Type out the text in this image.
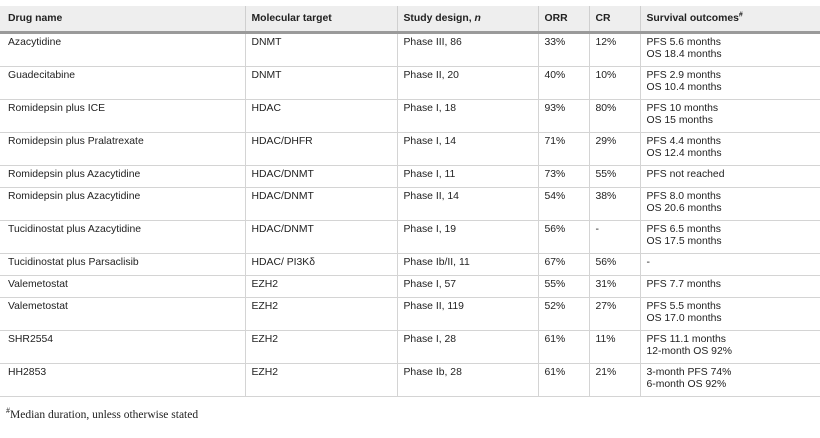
Drug name	Molecular target	Study design, n	ORR	CR	Survival outcomes#
Azacytidine	DNMT	Phase III, 86	33%	12%	PFS 5.6 months
OS 18.4 months

Guadecitabine	DNMT	Phase II, 20	40%	10%	PFS 2.9 months
OS 10.4 months

Romidepsin plus ICE	HDAC	Phase I, 18	93%	80%	PFS 10 months
OS 15 months

Romidepsin plus Pralatrexate	HDAC/DHFR	Phase I, 14	71%	29%	PFS 4.4 months
OS 12.4 months

Romidepsin plus Azacytidine	HDAC/DNMT	Phase I, 11	73%	55%	PFS not reached

Romidepsin plus Azacytidine	HDAC/DNMT	Phase II, 14	54%	38%	PFS 8.0 months
OS 20.6 months

Tucidinostat plus Azacytidine	HDAC/DNMT	Phase I, 19	56%	-	PFS 6.5 months
OS 17.5 months

Tucidinostat plus Parsaclisib	HDAC/ PI3Kδ	Phase Ib/II, 11	67%	56%	-

Valemetostat	EZH2	Phase I, 57	55%	31%	PFS 7.7 months

Valemetostat	EZH2	Phase II, 119	52%	27%	PFS 5.5 months
OS 17.0 months

SHR2554	EZH2	Phase I, 28	61%	11%	PFS 11.1 months
12-month OS 92%

HH2853	EZH2	Phase Ib, 28	61%	21%	3-month PFS 74%
6-month OS 92%
#Median duration, unless otherwise stated
